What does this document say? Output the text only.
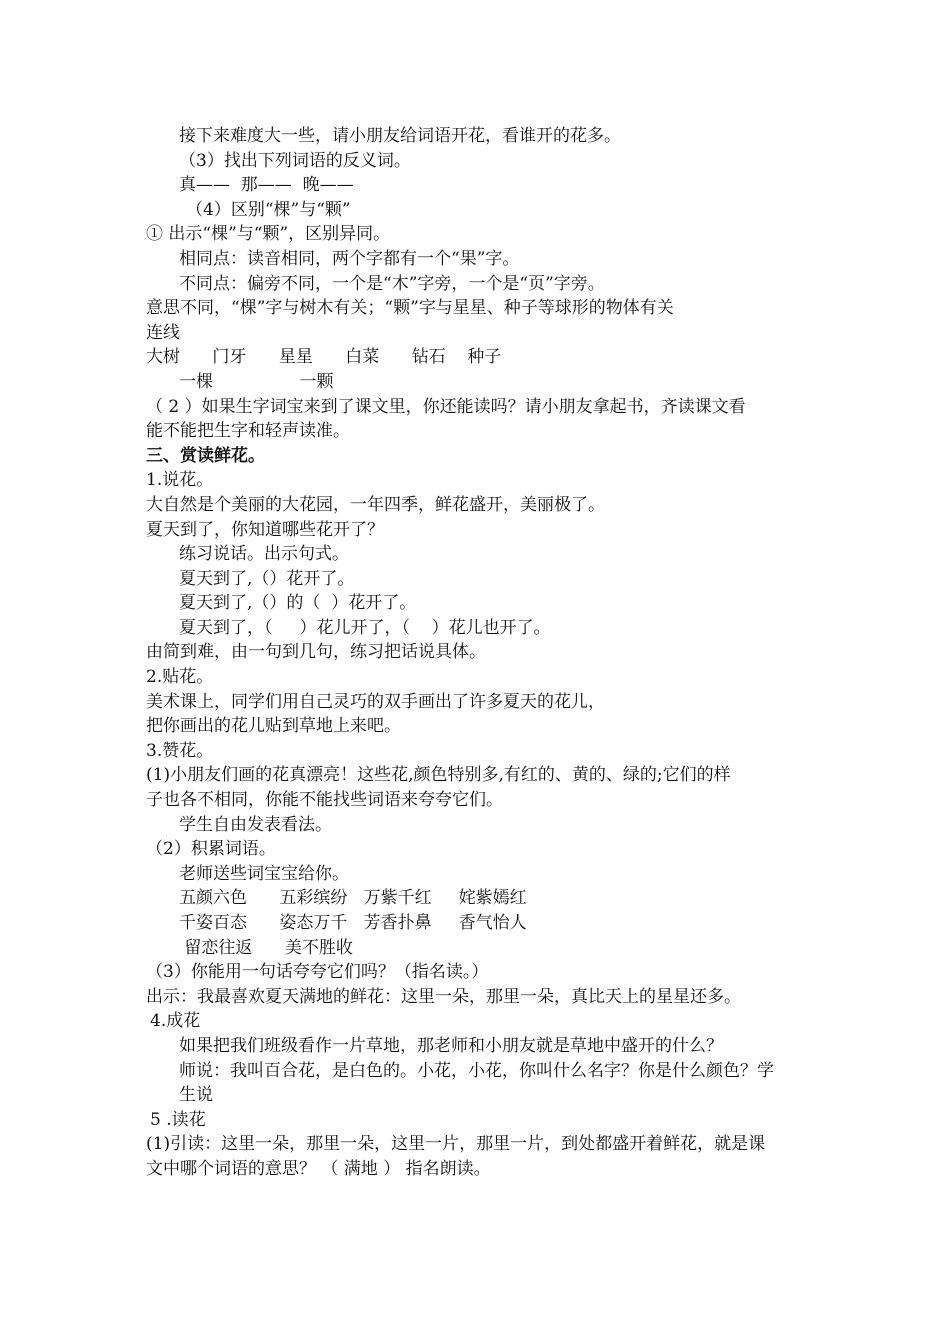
接下来难度大一些，请小朋友给词语开花，看谁开的花多。
（3）找出下列词语的反义词。
真——  那——  晚——
（4）区别“棵”与“颗”
① 出示“棵”与“颗”，区别异同。
相同点：读音相同，两个字都有一个“果”字。
不同点：偏旁不同，一个是“木”字旁，一个是“页”字旁。
意思不同，“棵”字与树木有关；“颗”字与星星、种子等球形的物体有关
连线
大树      门牙      星星      白菜      钻石    种子
一棵                一颗
（ 2 ）如果生字词宝来到了课文里，你还能读吗？请小朋友拿起书，齐读课文看
能不能把生字和轻声读准。
三、赏读鲜花。
1.说花。
大自然是个美丽的大花园，一年四季，鲜花盛开，美丽极了。
夏天到了，你知道哪些花开了？
练习说话。出示句式。
夏天到了,（）花开了。
夏天到了,（）的（  ）花开了。
夏天到了，（     ）花儿开了，（    ）花儿也开了。
由简到难，由一句到几句，练习把话说具体。
2.贴花。
美术课上，同学们用自己灵巧的双手画出了许多夏天的花儿，
把你画出的花儿贴到草地上来吧。
3.赞花。
(1)小朋友们画的花真漂亮！这些花,颜色特别多,有红的、黄的、绿的;它们的样
子也各不相同，你能不能找些词语来夸夸它们。
学生自由发表看法。
（2）积累词语。
老师送些词宝宝给你。
五颜六色      五彩缤纷   万紫千红     姹紫嫣红
千姿百态      姿态万千   芳香扑鼻     香气怡人
留恋往返      美不胜收
（3）你能用一句话夸夸它们吗？（指名读。）
出示：我最喜欢夏天满地的鲜花：这里一朵，那里一朵，真比天上的星星还多。
4.成花
如果把我们班级看作一片草地，那老师和小朋友就是草地中盛开的什么？
师说：我叫百合花，是白色的。小花，小花，你叫什么名字？你是什么颜色？学
生说
5 .读花
(1)引读：这里一朵，那里一朵，这里一片，那里一片，到处都盛开着鲜花，就是课
文中哪个词语的意思？ （ 满地 ） 指名朗读。
